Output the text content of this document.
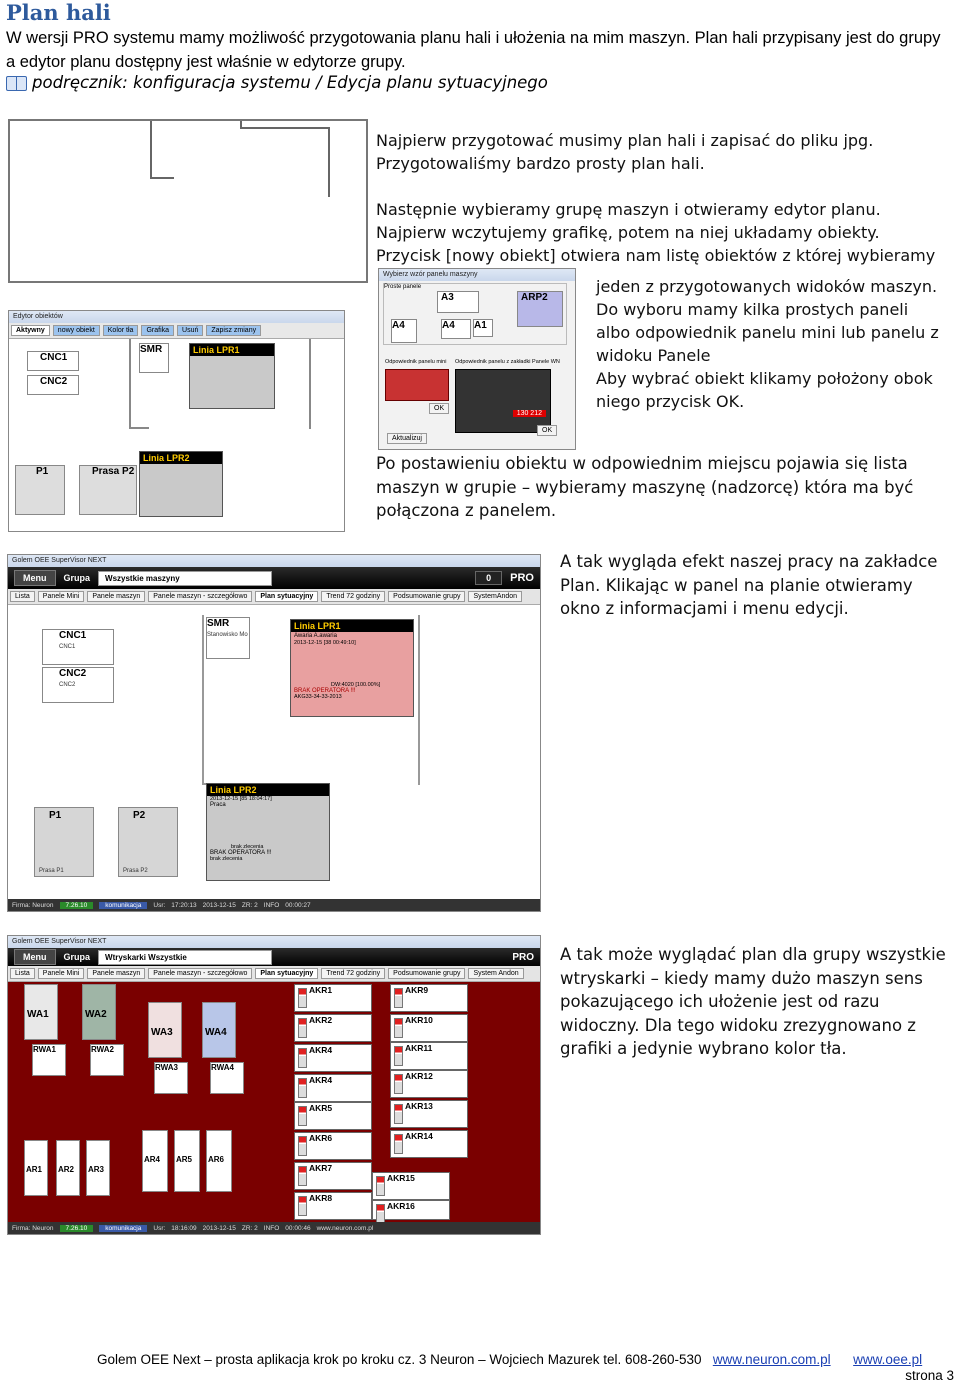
Plan hali
W wersji PRO systemu mamy możliwość przygotowania planu hali i ułożenia na mim maszyn. Plan hali przypisany jest do grupy a edytor planu dostępny jest właśnie w edytorze grupy.
podręcznik: konfiguracja systemu / Edycja planu sytuacyjnego
Edytor obiektów
Aktywny	nowy obiekt	Kolor tła	Grafika	Usuń	Zapisz zmiany
CNC1
CNC2
SMR	Linia LPR1
P1	Prasa P2
Linia LPR2
Wybierz wzór panelu maszyny
Proste panele
A3	ARP2
A4	A4	A1
Odpowiednik panelu mini Odpowiednik panelu z zakładki Panele WN
130 212
OK
OK
Aktualizuj
Najpierw przygotować musimy plan hali i zapisać do pliku jpg.
Przygotowaliśmy bardzo prosty plan hali.
Następnie wybieramy grupę maszyn i otwieramy edytor planu.
Najpierw wczytujemy grafikę, potem na niej układamy obiekty.
Przycisk [nowy obiekt] otwiera nam listę obiektów z której wybieramy
jeden z przygotowanych widoków maszyn.
Do wyboru mamy kilka prostych paneli
albo odpowiednik panelu mini lub panelu z
widoku Panele
Aby wybrać obiekt klikamy położony obok
niego przycisk OK.
Po postawieniu obiektu w odpowiednim miejscu pojawia się lista maszyn w grupie – wybieramy maszynę (nadzorcę) która ma być połączona z panelem.
A tak wygląda efekt naszej pracy na zakładce Plan. Klikając w panel na planie otwieramy okno z informacjami i menu edycji.
A tak może wyglądać plan dla grupy wszystkie wtryskarki – kiedy mamy dużo maszyn sens pokazującego ich ułożenie jest od razu widoczny. Dla tego widoku zrezygnowano z grafiki a jedynie wybrano kolor tła.
Golem OEE SuperVisor NEXT
Menu	Grupa	Wszystkie maszyny	0	PRO
Lista	Panele Mini	Panele maszyn	Panele maszyn - szczegółowo	Plan sytuacyjny	Trend 72 godziny	Podsumowanie grupy	SystemAndon
CNC1
CNC1
CNC2
CNC2
SMR
Stanowisko Mo
Linia LPR1
Awaria A.awaria
2013-12-15 [38 00:49:10]
DW:4020 [100.00%]
BRAK OPERATORA !!!
AKG33-34-33-2013
P1
Prasa P1
P2
Prasa P2
Linia LPR2
2013-12-15 [85 18:04:17]
Praca
brak zlecenia
BRAK OPERATORA !!!
brak zlecenia
Firma: Neuron	7.26.10	komunikacja	Usr: 17:20:13 2013-12-15 ZR: 2 INFO 00:00:27
Golem OEE SuperVisor NEXT
Menu	Grupa	Wtryskarki Wszystkie	PRO
Lista	Panele Mini	Panele maszyn	Panele maszyn - szczegółowo	Plan sytuacyjny	Trend 72 godziny	Podsumowanie grupy	System Andon
WA1	WA2
WA3	WA4
RWA1	RWA2
RWA3	RWA4
AR1 AR2 AR3
AR4 AR5 AR6
AKR1
AKR2
AKR4
AKR4
AKR5
AKR6
AKR7
AKR8
AKR9
AKR10
AKR11
AKR12
AKR13
AKR14
AKR15
AKR16
Firma: Neuron	7.26.10	komunikacja	Usr: 18:16:09 2013-12-15 ZR: 2 INFO 00:00:46 www.neuron.com.pl
Golem OEE Next – prosta aplikacja krok po kroku cz. 3 Neuron – Wojciech Mazurek tel. 608-260-530 www.neuron.com.pl www.oee.pl
strona 3
